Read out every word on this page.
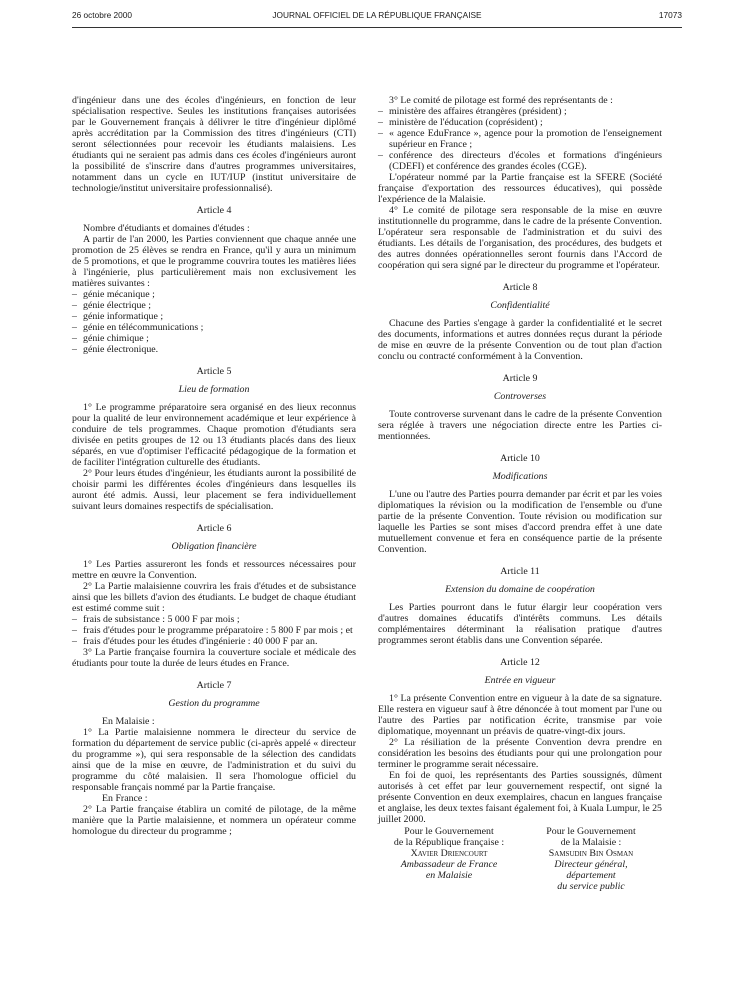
26 octobre 2000	JOURNAL OFFICIEL DE LA RÉPUBLIQUE FRANÇAISE	17073

d'ingénieur dans une des écoles d'ingénieurs, en fonction de leur spécialisation respective. Seules les institutions françaises autorisées par le Gouvernement français à délivrer le titre d'ingénieur diplômé après accréditation par la Commission des titres d'ingénieurs (CTI) seront sélectionnées pour recevoir les étudiants malaisiens. Les étudiants qui ne seraient pas admis dans ces écoles d'ingénieurs auront la possibilité de s'inscrire dans d'autres programmes universitaires, notamment dans un cycle en IUT/IUP (institut universitaire de technologie/institut universitaire professionnalisé).

Article 4

Nombre d'étudiants et domaines d'études :

A partir de l'an 2000, les Parties conviennent que chaque année une promotion de 25 élèves se rendra en France, qu'il y aura un minimum de 5 promotions, et que le programme couvrira toutes les matières liées à l'ingénierie, plus particulièrement mais non exclusivement les matières suivantes :

– génie mécanique ;
– génie électrique ;
– génie informatique ;
– génie en télécommunications ;
– génie chimique ;
– génie électronique.
Article 5
Lieu de formation

1° Le programme préparatoire sera organisé en des lieux reconnus pour la qualité de leur environnement académique et leur expérience à conduire de tels programmes. Chaque promotion d'étudiants sera divisée en petits groupes de 12 ou 13 étudiants placés dans des lieux séparés, en vue d'optimiser l'efficacité pédagogique de la formation et de faciliter l'intégration culturelle des étudiants.

2° Pour leurs études d'ingénieur, les étudiants auront la possibilité de choisir parmi les différentes écoles d'ingénieurs dans lesquelles ils auront été admis. Aussi, leur placement se fera individuellement suivant leurs domaines respectifs de spécialisation.

Article 6
Obligation financière

1° Les Parties assureront les fonds et ressources nécessaires pour mettre en œuvre la Convention.

2° La Partie malaisienne couvrira les frais d'études et de subsistance ainsi que les billets d'avion des étudiants. Le budget de chaque étudiant est estimé comme suit :

– frais de subsistance : 5 000 F par mois ;
– frais d'études pour le programme préparatoire : 5 800 F par mois ; et
– frais d'études pour les études d'ingénierie : 40 000 F par an.

3° La Partie française fournira la couverture sociale et médicale des étudiants pour toute la durée de leurs études en France.

Article 7
Gestion du programme

En Malaisie :

1° La Partie malaisienne nommera le directeur du service de formation du département de service public (ci-après appelé « directeur du programme »), qui sera responsable de la sélection des candidats ainsi que de la mise en œuvre, de l'administration et du suivi du programme du côté malaisien. Il sera l'homologue officiel du responsable français nommé par la Partie française.

En France :

2° La Partie française établira un comité de pilotage, de la même manière que la Partie malaisienne, et nommera un opérateur comme homologue du directeur du programme ;

3° Le comité de pilotage est formé des représentants de :

– ministère des affaires étrangères (président) ;
– ministère de l'éducation (coprésident) ;
– « agence EduFrance », agence pour la promotion de l'enseignement supérieur en France ;
– conférence des directeurs d'écoles et formations d'ingénieurs (CDEFI) et conférence des grandes écoles (CGE).

L'opérateur nommé par la Partie française est la SFERE (Société française d'exportation des ressources éducatives), qui possède l'expérience de la Malaisie.

4° Le comité de pilotage sera responsable de la mise en œuvre institutionnelle du programme, dans le cadre de la présente Convention. L'opérateur sera responsable de l'administration et du suivi des étudiants. Les détails de l'organisation, des procédures, des budgets et des autres données opérationnelles seront fournis dans l'Accord de coopération qui sera signé par le directeur du programme et l'opérateur.

Article 8
Confidentialité

Chacune des Parties s'engage à garder la confidentialité et le secret des documents, informations et autres données reçus durant la période de mise en œuvre de la présente Convention ou de tout plan d'action conclu ou contracté conformément à la Convention.

Article 9
Controverses

Toute controverse survenant dans le cadre de la présente Convention sera réglée à travers une négociation directe entre les Parties ci-mentionnées.

Article 10
Modifications

L'une ou l'autre des Parties pourra demander par écrit et par les voies diplomatiques la révision ou la modification de l'ensemble ou d'une partie de la présente Convention. Toute révision ou modification sur laquelle les Parties se sont mises d'accord prendra effet à une date mutuellement convenue et fera en conséquence partie de la présente Convention.

Article 11
Extension du domaine de coopération

Les Parties pourront dans le futur élargir leur coopération vers d'autres domaines éducatifs d'intérêts communs. Les détails complémentaires déterminant la réalisation pratique d'autres programmes seront établis dans une Convention séparée.

Article 12
Entrée en vigueur

1° La présente Convention entre en vigueur à la date de sa signature. Elle restera en vigueur sauf à être dénoncée à tout moment par l'une ou l'autre des Parties par notification écrite, transmise par voie diplomatique, moyennant un préavis de quatre-vingt-dix jours.

2° La résiliation de la présente Convention devra prendre en considération les besoins des étudiants pour qui une prolongation pour terminer le programme serait nécessaire.

En foi de quoi, les représentants des Parties soussignés, dûment autorisés à cet effet par leur gouvernement respectif, ont signé la présente Convention en deux exemplaires, chacun en langues française et anglaise, les deux textes faisant également foi, à Kuala Lumpur, le 25 juillet 2000.

Pour le Gouvernement
de la République française :
Xavier Driencourt
Ambassadeur de France
en Malaisie
Pour le Gouvernement
de la Malaisie :
Samsudin Bin Osman
Directeur général,
département
du service public
